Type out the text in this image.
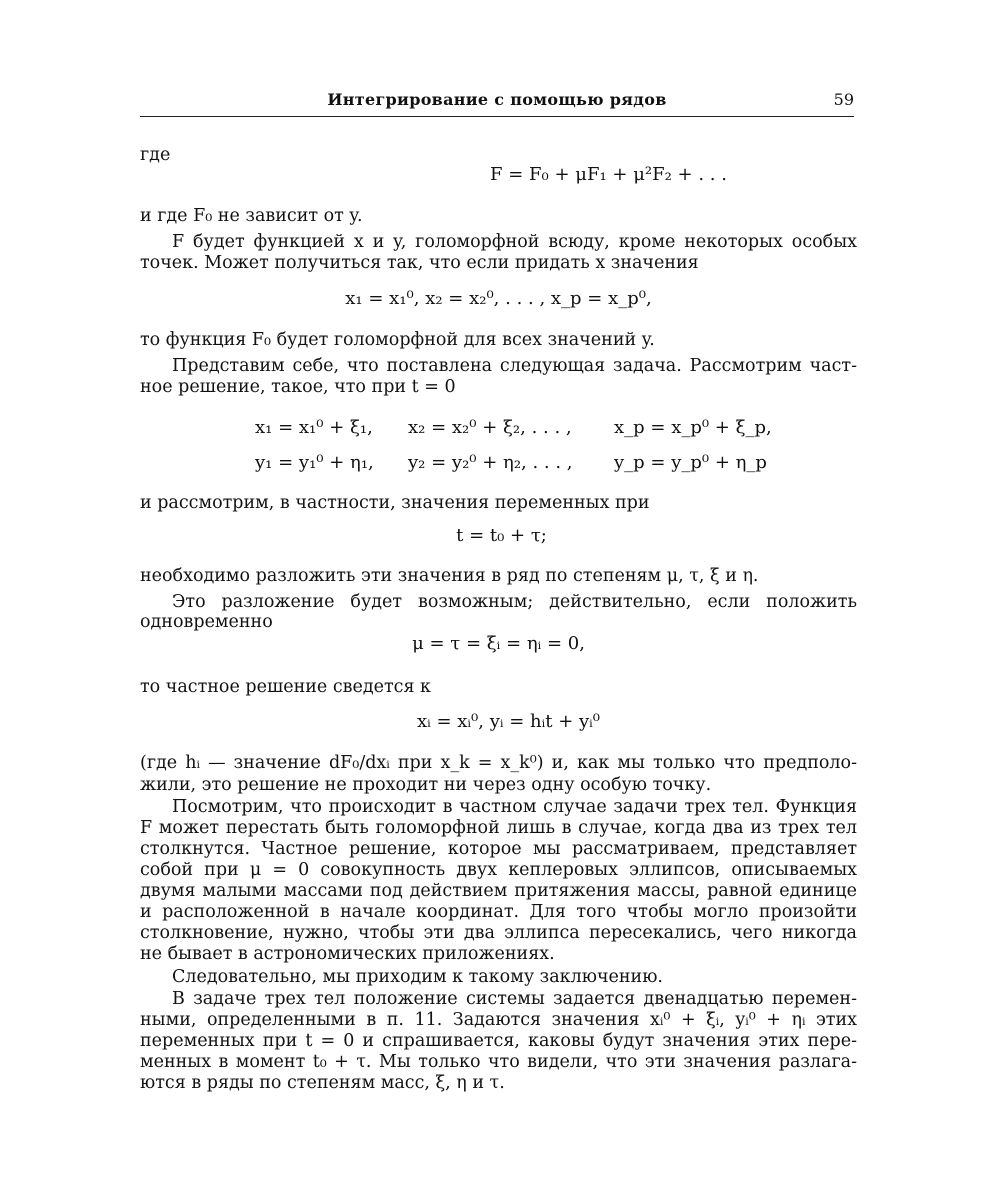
Интегрирование с помощью рядов	59
где
F = F₀ + μF₁ + μ²F₂ + . . .
и где F₀ не зависит от y.
F будет функцией x и y, голоморфной всюду, кроме некоторых особых
точек. Может получиться так, что если придать x значения
x₁ = x₁⁰, x₂ = x₂⁰, . . . , x_p = x_p⁰,
то функция F₀ будет голоморфной для всех значений y.
Представим себе, что поставлена следующая задача. Рассмотрим част-
ное решение, такое, что при t = 0
x₁ = x₁⁰ + ξ₁, x₂ = x₂⁰ + ξ₂, . . . , x_p = x_p⁰ + ξ_p,
y₁ = y₁⁰ + η₁, y₂ = y₂⁰ + η₂, . . . , y_p = y_p⁰ + η_p
и рассмотрим, в частности, значения переменных при
t = t₀ + τ;
необходимо разложить эти значения в ряд по степеням μ, τ, ξ и η.
Это разложение будет возможным; действительно, если положить
одновременно
μ = τ = ξᵢ = ηᵢ = 0,
то частное решение сведется к
xᵢ = xᵢ⁰, yᵢ = hᵢt + yᵢ⁰
(где hᵢ — значение dF₀/dxᵢ при x_k = x_k⁰) и, как мы только что предполо-
жили, это решение не проходит ни через одну особую точку.
Посмотрим, что происходит в частном случае задачи трех тел. Функция
F может перестать быть голоморфной лишь в случае, когда два из трех тел
столкнутся. Частное решение, которое мы рассматриваем, представляет
собой при μ = 0 совокупность двух кеплеровых эллипсов, описываемых
двумя малыми массами под действием притяжения массы, равной единице
и расположенной в начале координат. Для того чтобы могло произойти
столкновение, нужно, чтобы эти два эллипса пересекались, чего никогда
не бывает в астрономических приложениях.
Следовательно, мы приходим к такому заключению.
В задаче трех тел положение системы задается двенадцатью перемен-
ными, определенными в п. 11. Задаются значения xᵢ⁰ + ξᵢ, yᵢ⁰ + ηᵢ этих
переменных при t = 0 и спрашивается, каковы будут значения этих пере-
менных в момент t₀ + τ. Мы только что видели, что эти значения разлага-
ются в ряды по степеням масс, ξ, η и τ.
